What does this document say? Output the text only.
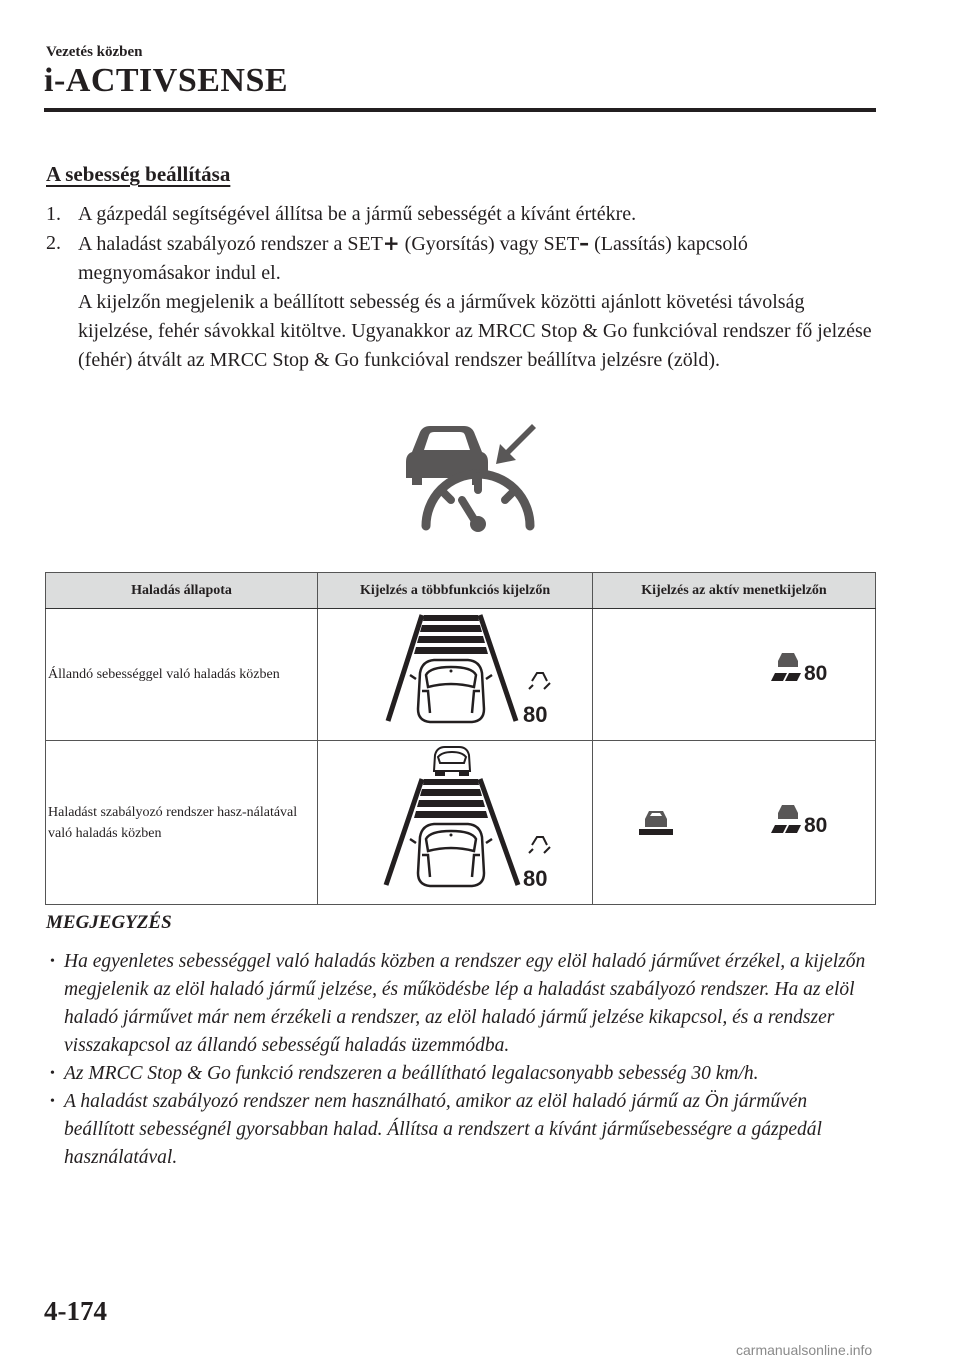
Vezetés közben
i-ACTIVSENSE
A sebesség beállítása
1. A gázpedál segítségével állítsa be a jármű sebességét a kívánt értékre.
2. A haladást szabályozó rendszer a SET+ (Gyorsítás) vagy SET– (Lassítás) kapcsoló megnyomásakor indul el.

A kijelzőn megjelenik a beállított sebesség és a járművek közötti ajánlott követési távolság kijelzése, fehér sávokkal kitöltve. Ugyanakkor az MRCC Stop & Go funkcióval rendszer fő jelzése (fehér) átvált az MRCC Stop & Go funkcióval rendszer beállítva jelzésre (zöld).

Haladás állapota	Kijelzés a többfunkciós kijelzőn	Kijelzés az aktív menetkijelzőn
Állandó sebességgel való haladás közben	80	80

Haladást szabályozó rendszer hasz-nálatával való haladás közben	80	80
MEGJEGYZÉS
• Ha egyenletes sebességgel való haladás közben a rendszer egy elöl haladó járművet érzékel, a kijelzőn megjelenik az elöl haladó jármű jelzése, és működésbe lép a haladást szabályozó rendszer. Ha az elöl haladó járművet már nem érzékeli a rendszer, az elöl haladó jármű jelzése kikapcsol, és a rendszer visszakapcsol az állandó sebességű haladás üzemmódba.
• Az MRCC Stop & Go funkció rendszeren a beállítható legalacsonyabb sebesség 30 km/h.
• A haladást szabályozó rendszer nem használható, amikor az elöl haladó jármű az Ön járművén beállított sebességnél gyorsabban halad. Állítsa a rendszert a kívánt járműsebességre a gázpedál használatával.
4-174
carmanualsonline.info
